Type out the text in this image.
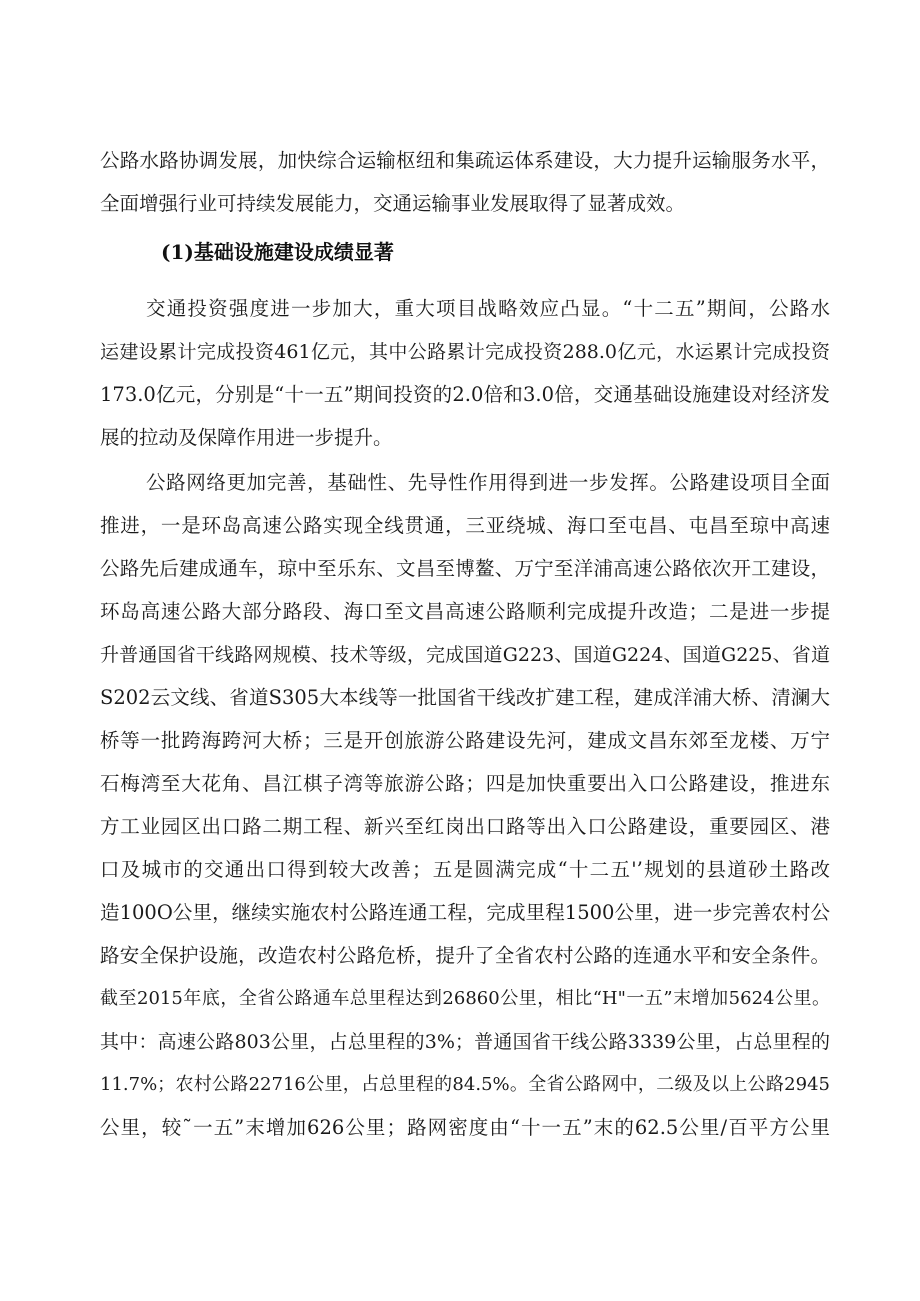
公路水路协调发展，加快综合运输枢纽和集疏运体系建设，大力提升运输服务水平，
全面增强行业可持续发展能力，交通运输事业发展取得了显著成效。
(1)基础设施建设成绩显著
交通投资强度进一步加大，重大项目战略效应凸显。“十二五”期间，公路水
运建设累计完成投资461亿元，其中公路累计完成投资288.0亿元，水运累计完成投资
173.0亿元，分别是“十一五”期间投资的2.0倍和3.0倍，交通基础设施建设对经济发
展的拉动及保障作用进一步提升。
公路网络更加完善，基础性、先导性作用得到进一步发挥。公路建设项目全面
推进，一是环岛高速公路实现全线贯通，三亚绕城、海口至屯昌、屯昌至琼中高速
公路先后建成通车，琼中至乐东、文昌至博鳌、万宁至洋浦高速公路依次开工建设，
环岛高速公路大部分路段、海口至文昌高速公路顺利完成提升改造；二是进一步提
升普通国省干线路网规模、技术等级，完成国道G223、国道G224、国道G225、省道
S202云文线、省道S305大本线等一批国省干线改扩建工程，建成洋浦大桥、清澜大
桥等一批跨海跨河大桥；三是开创旅游公路建设先河，建成文昌东郊至龙楼、万宁
石梅湾至大花角、昌江棋子湾等旅游公路；四是加快重要出入口公路建设，推进东
方工业园区出口路二期工程、新兴至红岗出口路等出入口公路建设，重要园区、港
口及城市的交通出口得到较大改善；五是圆满完成“十二五'’规划的县道砂土路改
造100O公里，继续实施农村公路连通工程，完成里程1500公里，进一步完善农村公
路安全保护设施，改造农村公路危桥，提升了全省农村公路的连通水平和安全条件。
截至2015年底，全省公路通车总里程达到26860公里，相比“H"一五”末增加5624公里。
其中：高速公路803公里，占总里程的3%；普通国省干线公路3339公里，占总里程的
11.7%；农村公路22716公里，占总里程的84.5%。全省公路网中，二级及以上公路2945
公里，较˜一五”末增加626公里；路网密度由“十一五”末的62.5公里/百平方公里
